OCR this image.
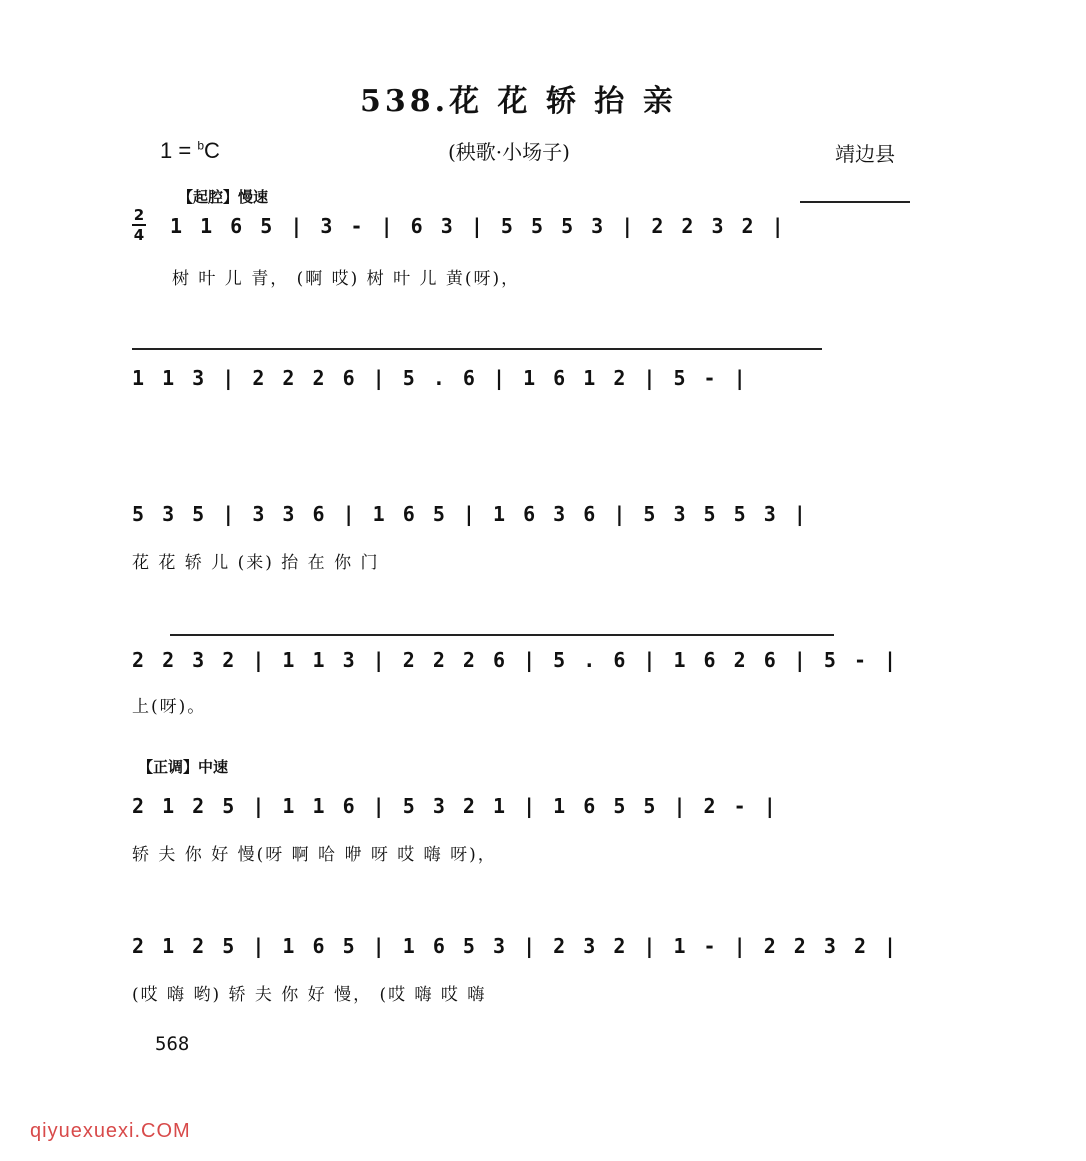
538.花 花 轿 抬 亲
1 = $^b$C	(秧歌·小场子)	靖边县
【起腔】慢速
2
4 1 1 6 5 | 3 - | 6 3 | 5 5 5 3 | 2 2 3 2 |
树 叶 儿 青， (啊 哎) 树 叶 儿 黄(呀)，
1 1 3 | 2 2 2 6 | 5 . 6 | 1 6 1 2 | 5 - |
5 3 5 | 3 3 6 | 1 6 5 | 1 6 3 6 | 5 3 5 5 3 |
花 花 轿 儿 (来) 抬 在 你 门
2 2 3 2 | 1 1 3 | 2 2 2 6 | 5 . 6 | 1 6 2 6 | 5 - |
上(呀)。
【正调】中速
2 1 2 5 | 1 1 6 | 5 3 2 1 | 1 6 5 5 | 2 - |
轿 夫 你 好 慢(呀 啊 哈 咿 呀 哎 嗨 呀)，
2 1 2 5 | 1 6 5 | 1 6 5 3 | 2 3 2 | 1 - | 2 2 3 2 |
(哎 嗨 哟) 轿 夫 你 好 慢， (哎 嗨 哎 嗨
568
qiyuexuexi.COM
